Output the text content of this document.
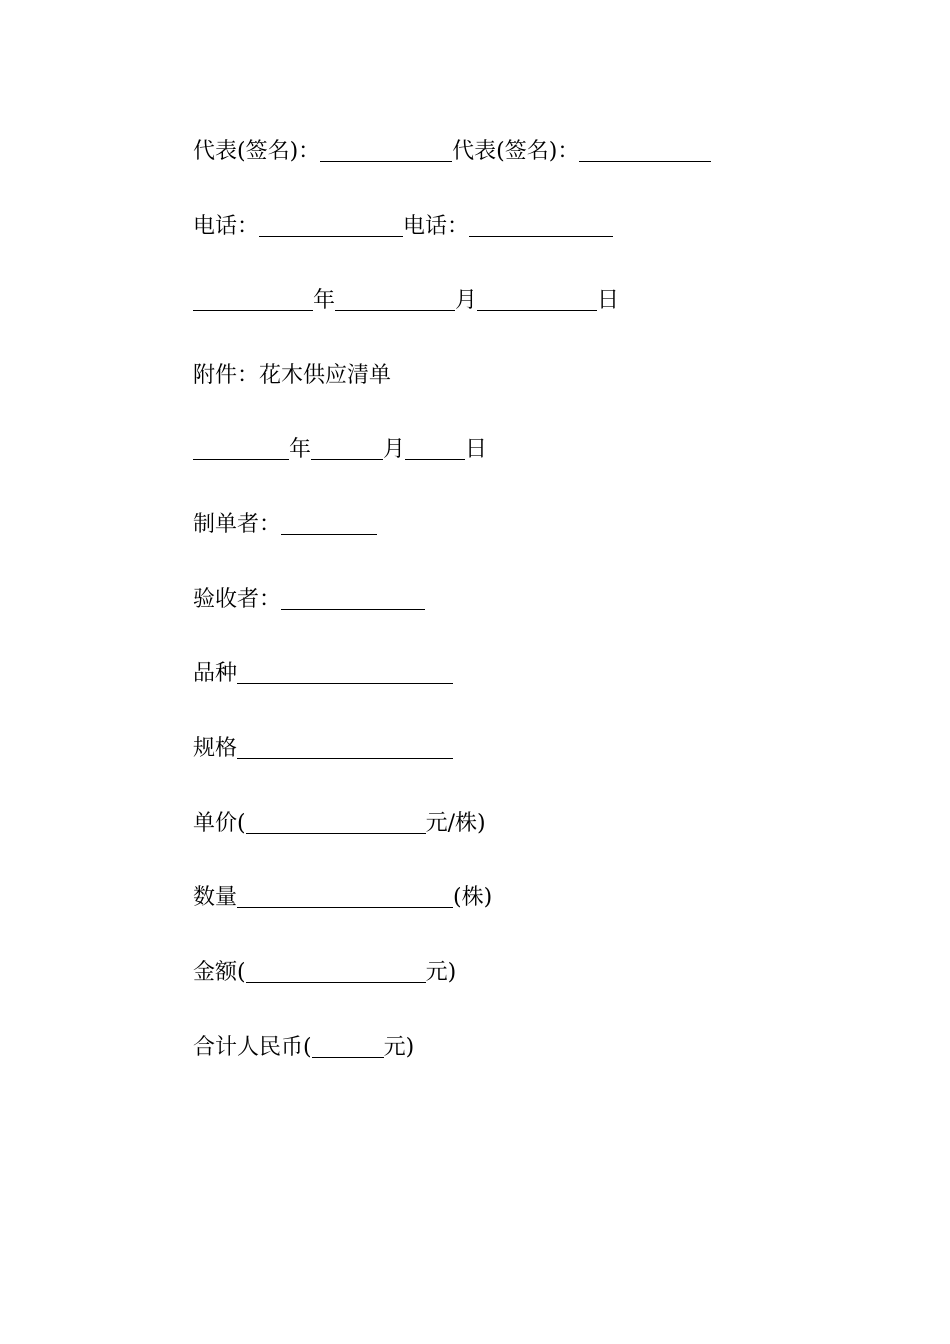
代表(签名)：	代表(签名)：
电话：	电话：
年	月	日
附件：花木供应清单
年	月	日
制单者：
验收者：
品种
规格
单价(	元/株)
数量	(株)
金额(	元)
合计人民币(	元)
